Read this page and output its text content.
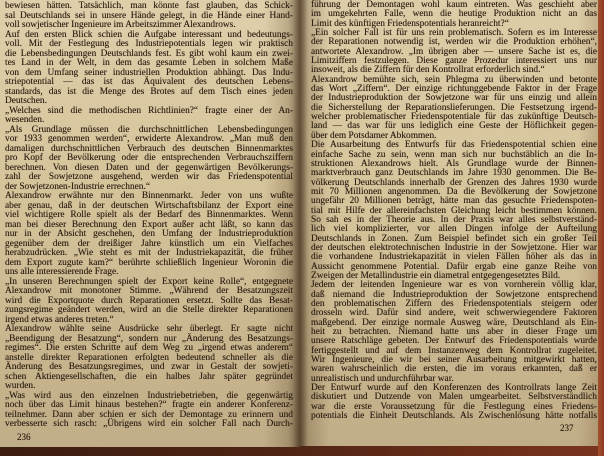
bewiesen hätten. Tatsächlich, man könnte fast glauben, das Schick-
sal Deutschlands sei in unsere Hände gelegt, in die Hände einer Hand-
voll sowjetischer Ingenieure im Arbeitszimmer Alexandrows.
Auf den ersten Blick schien die Aufgabe interessant und bedeutungs-
voll. Mit der Festlegung des Industriepotentials legen wir praktisch
die Lebensbedingungen Deutschlands fest. Es gibt wohl kaum ein zwei-
tes Land in der Welt, in dem das gesamte Leben in solchem Maße
von dem Umfang seiner industriellen Produktion abhängt. Das Indu-
striepotential — das ist das Äquivalent des deutschen Lebens-
standards, das ist die Menge des Brotes auf dem Tisch eines jeden
Deutschen.
„Welches sind die methodischen Richtlinien?“ fragte einer der An-
wesenden.
„Als Grundlage müssen die durchschnittlichen Lebensbedingungen
vor 1933 genommen werden“, erwiderte Alexandrow. „Man muß den
damaligen durchschnittlichen Verbrauch des deutschen Binnenmarktes
pro Kopf der Bevölkerung oder die entsprechenden Verbrauchsziffern
berechnen. Von diesen Daten und der gegenwärtigen Bevölkerungs-
zahl der Sowjetzone ausgehend, werden wir das Friedenspotential
der Sowjetzonen-Industrie errechnen.“
Alexandrow erwähnte nur den Binnenmarkt. Jeder von uns wußte
aber genau, daß in der deutschen Wirtschaftsbilanz der Export eine
viel wichtigere Rolle spielt als der Bedarf des Binnenmarktes. Wenn
man bei dieser Berechnung den Export außer acht läßt, so kann das
nur in der Absicht geschehen, den Umfang der Industrieproduktion
gegenüber dem der dreißiger Jahre künstlich um ein Vielfaches
herabzudrücken. „Wie steht es mit der Industriekapazität, die früher
dem Export zugute kam?“ berührte schließlich Ingenieur Woronin die
uns alle interessierende Frage.
„In unseren Berechnungen spielt der Export keine Rolle“, entgegnete
Alexandrow mit monotoner Stimme. „Während der Besatzungszeit
wird die Exportquote durch Reparationen ersetzt. Sollte das Besat-
zungsregime geändert werden, wird an die Stelle direkter Reparationen
irgend etwas anderes treten.“
Alexandrow wählte seine Ausdrücke sehr überlegt. Er sagte nicht
„Beendigung der Besatzung“, sondern nur „Änderung des Besatzungs-
regimes“. Die ersten Schritte auf dem Weg zu „irgend etwas anderem“
anstelle direkter Reparationen erfolgten bedeutend schneller als die
Änderung des Besatzungsregimes, und zwar in Gestalt der sowjeti-
schen Aktiengesellschaften, die ein halbes Jahr später gegründet
wurden.
„Was wird aus den einzelnen Industriebetrieben, die gegenwärtig
noch über das Limit hinaus bestehen?“ fragte ein anderer Konferenz-
teilnehmer. Dann aber schien er sich der Demontage zu erinnern und
verbesserte sich rasch: „Übrigens wird ein solcher Fall nach Durch-
236
führung der Demontagen wohl kaum eintreten. Was geschieht aber
im umgekehrten Falle, wenn die heutige Produktion nicht an das
Limit des künftigen Friedenspotentials heranreicht?“
„Ein solcher Fall ist für uns rein problematisch. Sofern es im Interesse
der Reparationen notwendig ist, werden wir die Produktion erhöhen“,
antwortete Alexandrow. „Im übrigen aber — unsere Sache ist es, die
Limitziffern festzulegen. Diese ganze Prozedur interessiert uns nur
insoweit, als die Ziffern für den Kontrollrat erforderlich sind.“
Alexandrow bemühte sich, sein Phlegma zu überwinden und betonte
das Wort „Ziffern“. Der einzige richtunggebende Faktor in der Frage
der Industrieproduktion der Sowjetzone war für uns einzig und allein
die Sicherstellung der Reparationslieferungen. Die Festsetzung irgend-
welcher problematischer Friedenspotentiale für das zukünftige Deutsch-
land — das war für uns lediglich eine Geste der Höflichkeit gegen-
über dem Potsdamer Abkommen.
Die Ausarbeitung des Entwurfs für das Friedenspotential schien eine
einfache Sache zu sein, wenn man sich nur buchstäblich an die In-
struktionen Alexandrows hielt. Als Grundlage wurde der Binnen-
marktverbrauch ganz Deutschlands im Jahre 1930 genommen. Die Be-
völkerung Deutschlands innerhalb der Grenzen des Jahres 1930 wurde
mit 70 Millionen angenommen. Da die Bevölkerung der Sowjetzone
ungefähr 20 Millionen beträgt, hätte man das gesuchte Friedenspoten-
tial mit Hilfe der allereinfachsten Gleichung leicht bestimmen können.
So sah es in der Theorie aus. In der Praxis war alles selbstverständ-
lich viel komplizierter, vor allen Dingen infolge der Aufteilung
Deutschlands in Zonen. Zum Beispiel befindet sich ein großer Teil
der deutschen elektrotechnischen Industrie in der Sowjetzone. Hier war
die vorhandene Industriekapazität in vielen Fällen höher als das in
Aussicht genommene Potential. Dafür ergab eine ganze Reihe von
Zweigen der Metallindustrie ein diametral entgegengesetztes Bild.
Jedem der leitenden Ingenieure war es von vornherein völlig klar,
daß niemand die Industrieproduktion der Sowjetzone entsprechend
den problematischen Ziffern des Friedenspotentials steigern oder
drosseln wird. Dafür sind andere, weit schwerwiegendere Faktoren
maßgebend. Der einzige normale Ausweg wäre, Deutschland als Ein-
heit zu betrachten. Niemand hatte uns aber in dieser Frage um
unsere Ratschläge gebeten. Der Entwurf des Friedenspotentials wurde
fertiggestellt und auf dem Instanzenweg dem Kontrollrat zugeleitet.
Wir Ingenieure, die wir bei seiner Ausarbeitung mitgewirkt hatten,
waren wahrscheinlich die ersten, die im voraus erkannten, daß er
unrealistisch und undurchführbar war.
Der Entwurf wurde auf den Konferenzen des Kontrollrats lange Zeit
diskutiert und Dutzende von Malen umgearbeitet. Selbstverständlich
war die erste Voraussetzung für die Festlegung eines Friedens-
potentials die Einheit Deutschlands. Als Zwischenlösung hätte notfalls
237
